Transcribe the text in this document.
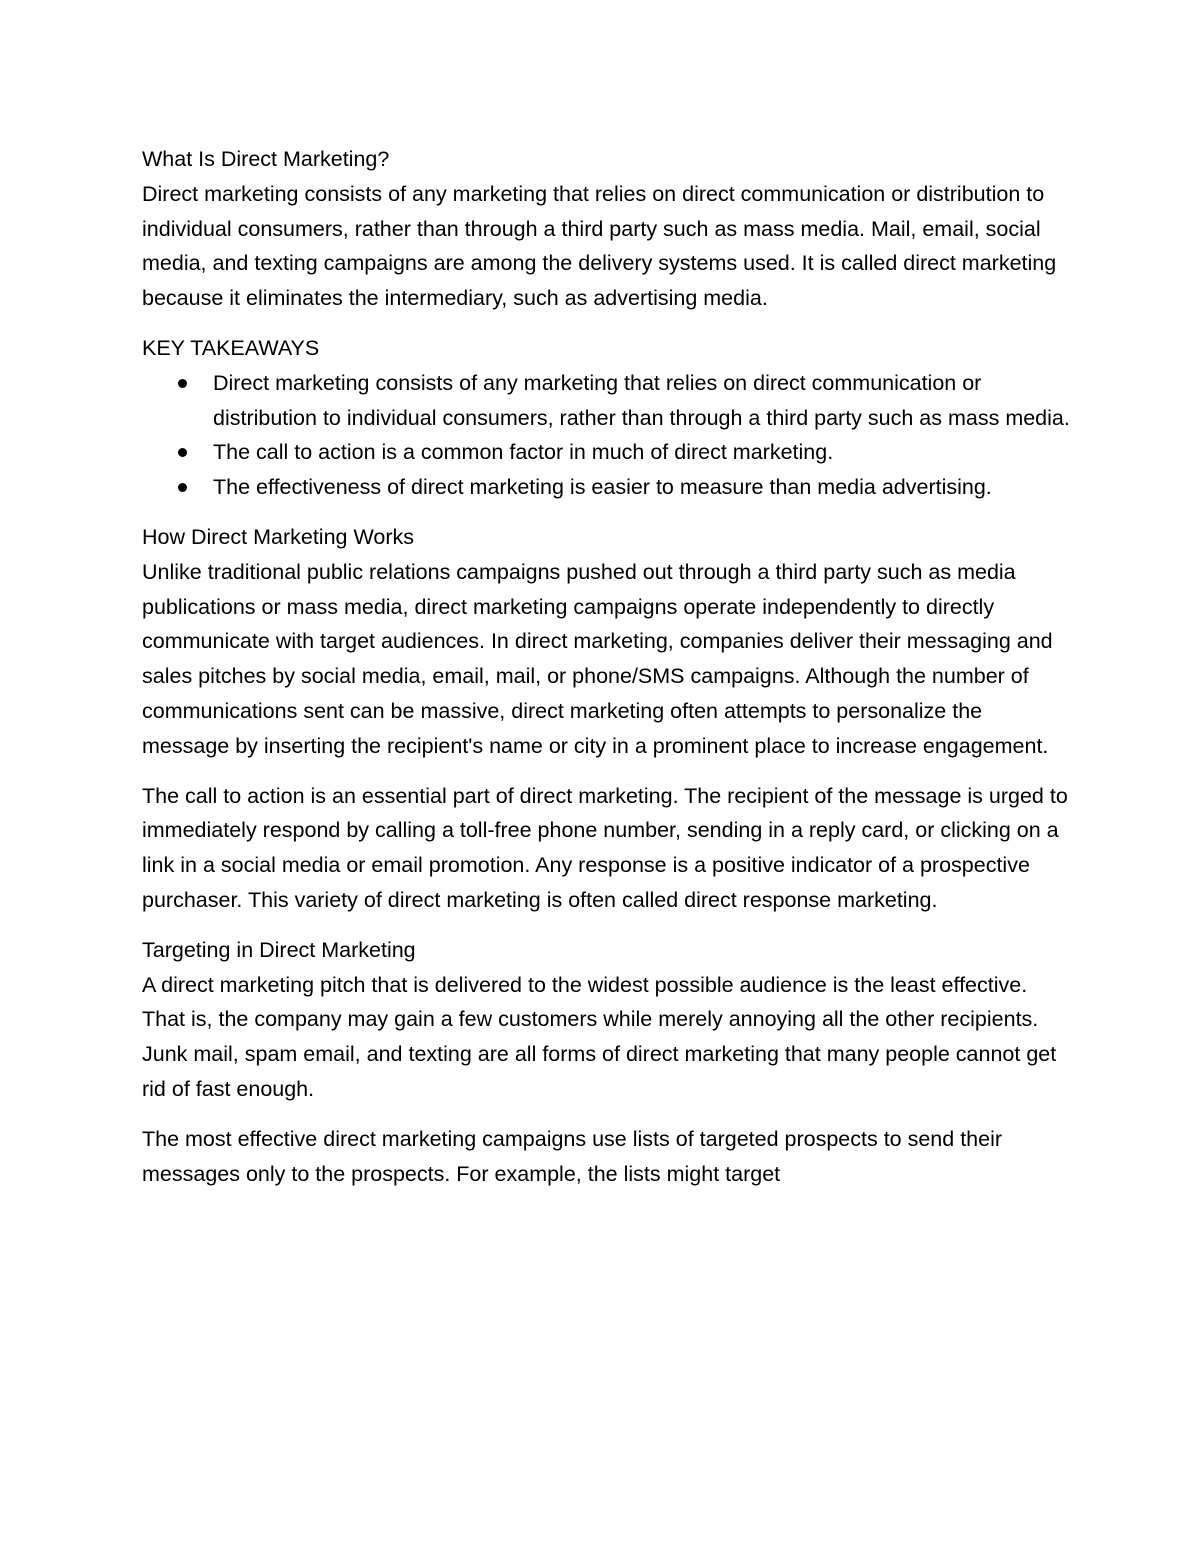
What Is Direct Marketing?

Direct marketing consists of any marketing that relies on direct communication or distribution to individual consumers, rather than through a third party such as mass media. Mail, email, social media, and texting campaigns are among the delivery systems used. It is called direct marketing because it eliminates the intermediary, such as advertising media.

KEY TAKEAWAYS

Direct marketing consists of any marketing that relies on direct communication or distribution to individual consumers, rather than through a third party such as mass media.
The call to action is a common factor in much of direct marketing.
The effectiveness of direct marketing is easier to measure than media advertising.

How Direct Marketing Works

Unlike traditional public relations campaigns pushed out through a third party such as media publications or mass media, direct marketing campaigns operate independently to directly communicate with target audiences. In direct marketing, companies deliver their messaging and sales pitches by social media, email, mail, or phone/SMS campaigns. Although the number of communications sent can be massive, direct marketing often attempts to personalize the message by inserting the recipient's name or city in a prominent place to increase engagement.

The call to action is an essential part of direct marketing. The recipient of the message is urged to immediately respond by calling a toll-free phone number, sending in a reply card, or clicking on a link in a social media or email promotion. Any response is a positive indicator of a prospective purchaser. This variety of direct marketing is often called direct response marketing.

Targeting in Direct Marketing

A direct marketing pitch that is delivered to the widest possible audience is the least effective. That is, the company may gain a few customers while merely annoying all the other recipients. Junk mail, spam email, and texting are all forms of direct marketing that many people cannot get rid of fast enough.

The most effective direct marketing campaigns use lists of targeted prospects to send their messages only to the prospects. For example, the lists might target
